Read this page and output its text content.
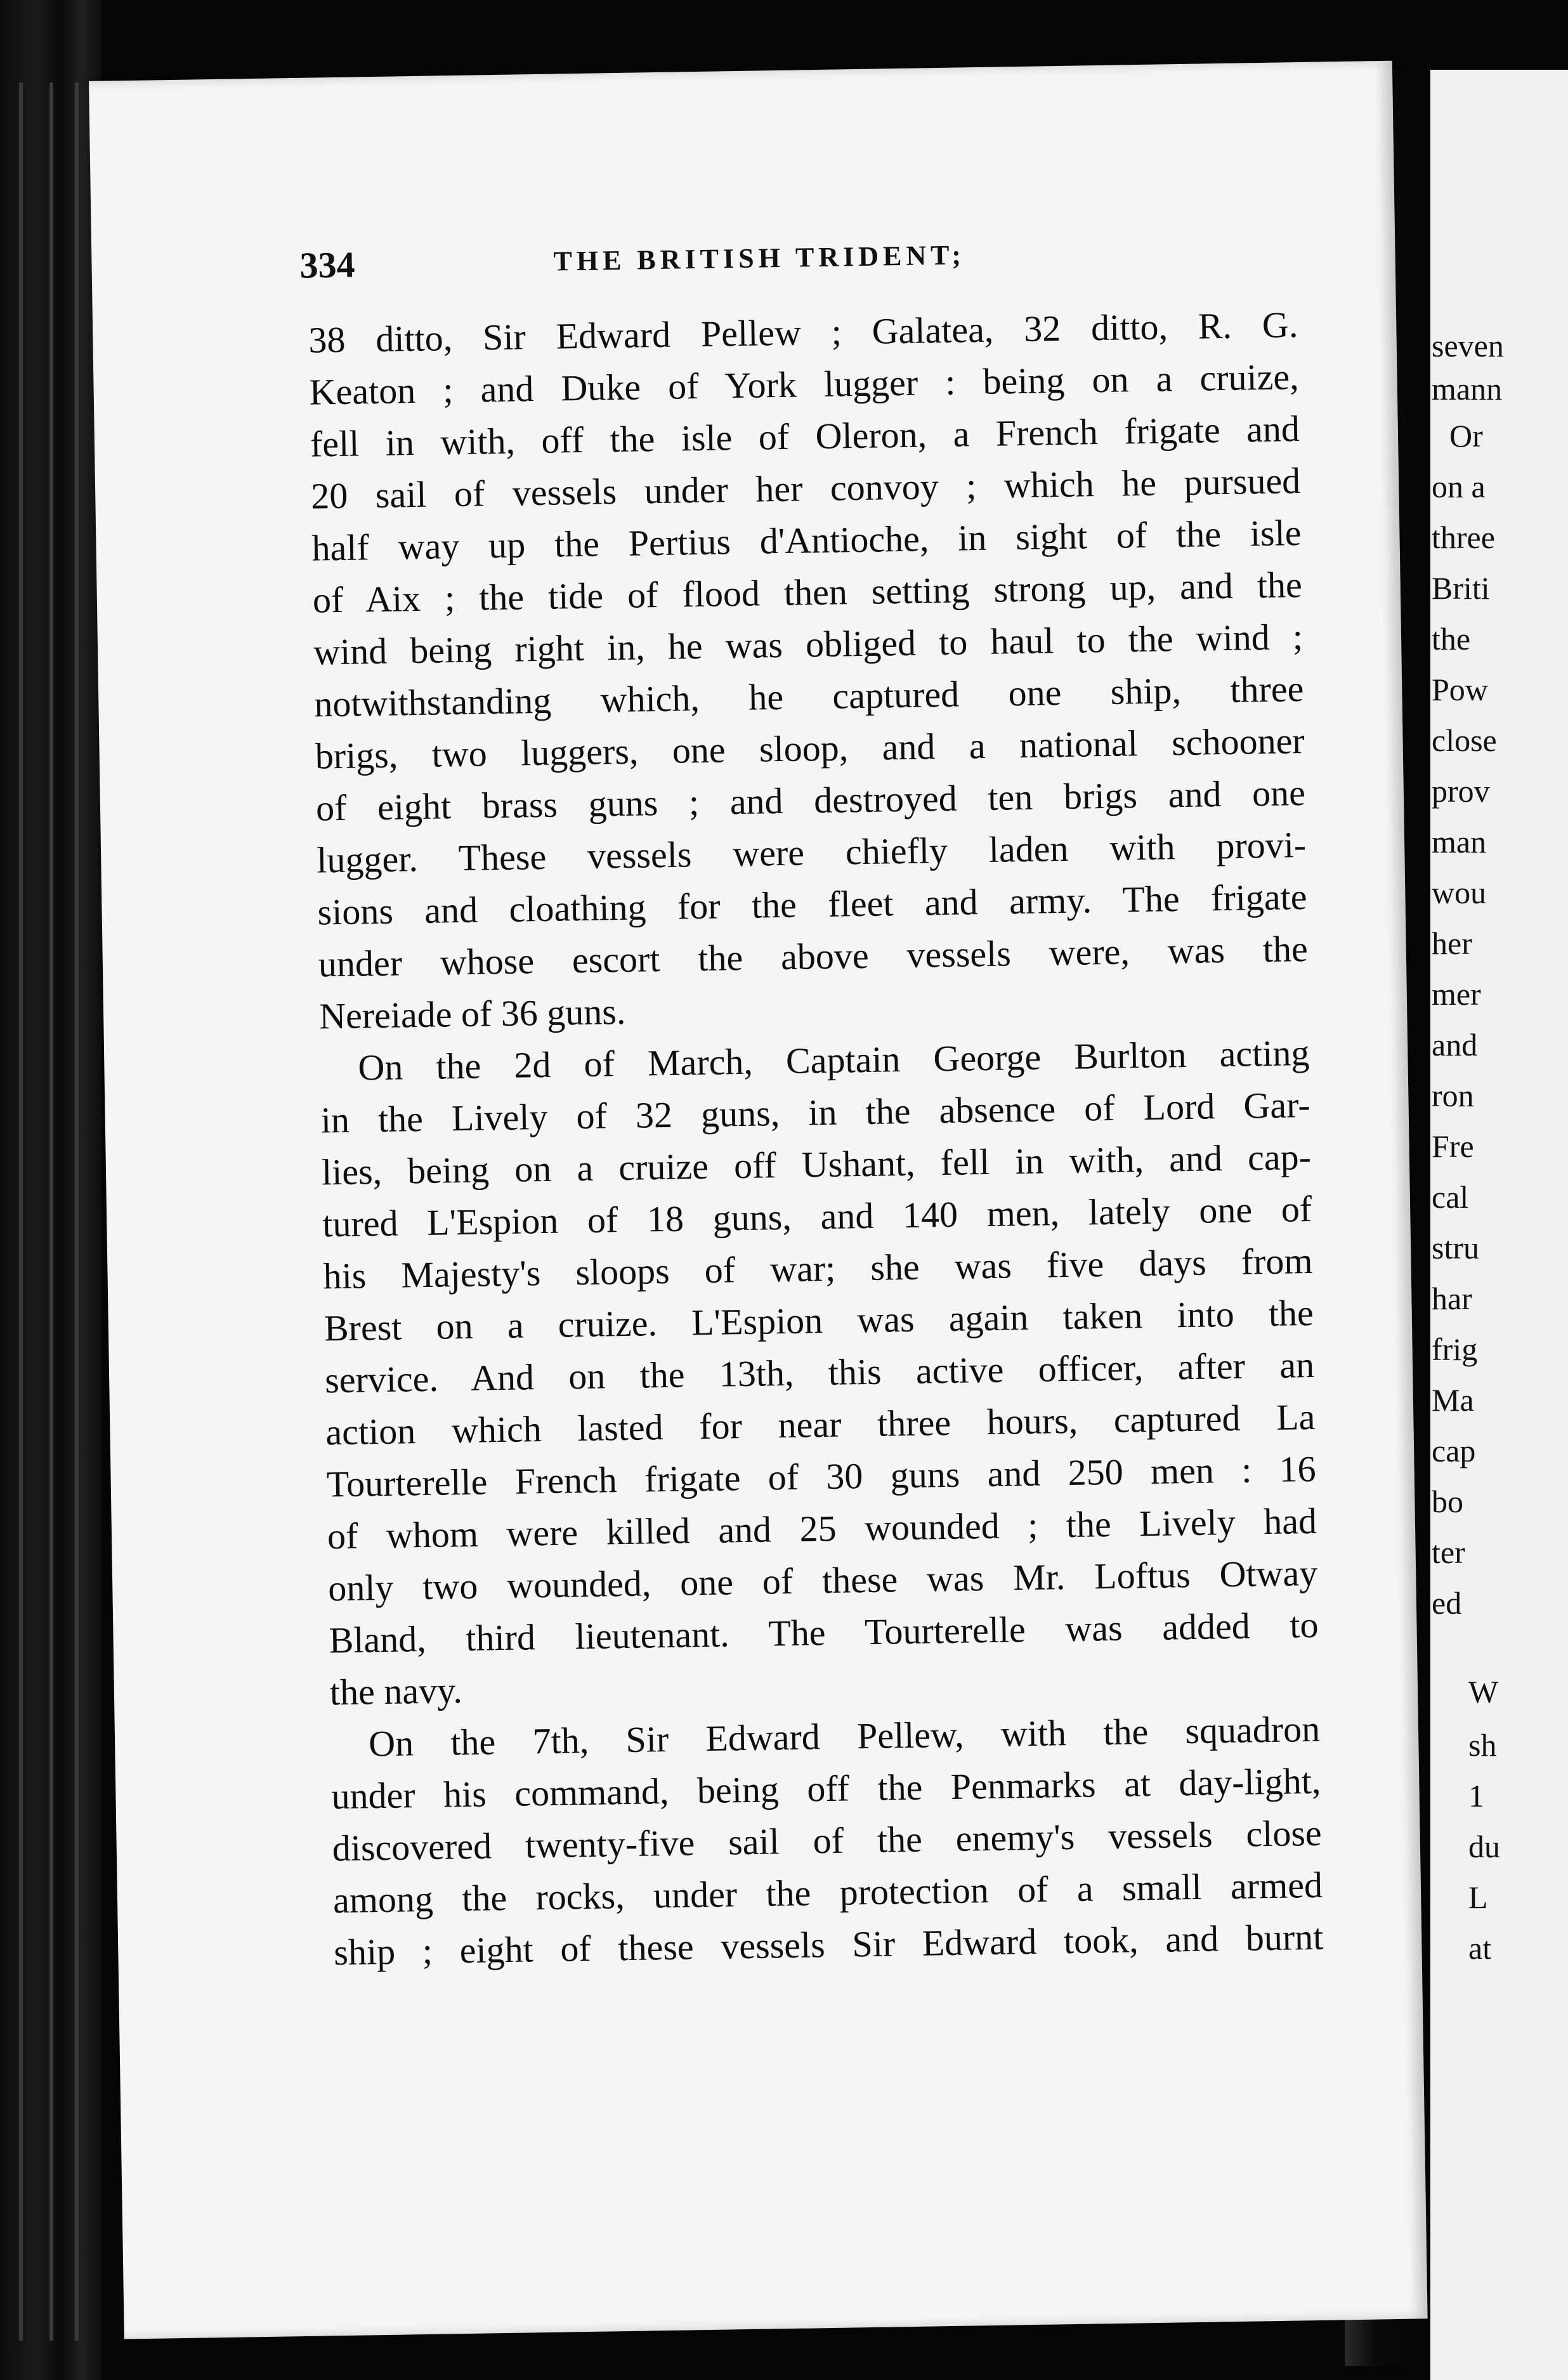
seven
mann
Or
on a
three
Briti
the
Pow
close
prov
man
wou
her
mer
and
ron
Fre
cal
stru
har
frig
Ma
cap
bo
ter
ed
W
sh
1
du
L
at
334	THE BRITISH TRIDENT;
38 ditto, Sir Edward Pellew ; Galatea, 32 ditto, R. G.
Keaton ; and Duke of York lugger : being on a cruize,
fell in with, off the isle of Oleron, a French frigate and
20 sail of vessels under her convoy ; which he pursued
half way up the Pertius d'Antioche, in sight of the isle
of Aix ; the tide of flood then setting strong up, and the
wind being right in, he was obliged to haul to the wind ;
notwithstanding which, he captured one ship, three
brigs, two luggers, one sloop, and a national schooner
of eight brass guns ; and destroyed ten brigs and one
lugger. These vessels were chiefly laden with provi-
sions and cloathing for the fleet and army. The frigate
under whose escort the above vessels were, was the
Nereiade of 36 guns.
On the 2d of March, Captain George Burlton acting
in the Lively of 32 guns, in the absence of Lord Gar-
lies, being on a cruize off Ushant, fell in with, and cap-
tured L'Espion of 18 guns, and 140 men, lately one of
his Majesty's sloops of war; she was five days from
Brest on a cruize. L'Espion was again taken into the
service. And on the 13th, this active officer, after an
action which lasted for near three hours, captured La
Tourterelle French frigate of 30 guns and 250 men : 16
of whom were killed and 25 wounded ; the Lively had
only two wounded, one of these was Mr. Loftus Otway
Bland, third lieutenant. The Tourterelle was added to
the navy.
On the 7th, Sir Edward Pellew, with the squadron
under his command, being off the Penmarks at day-light,
discovered twenty-five sail of the enemy's vessels close
among the rocks, under the protection of a small armed
ship ; eight of these vessels Sir Edward took, and burnt
